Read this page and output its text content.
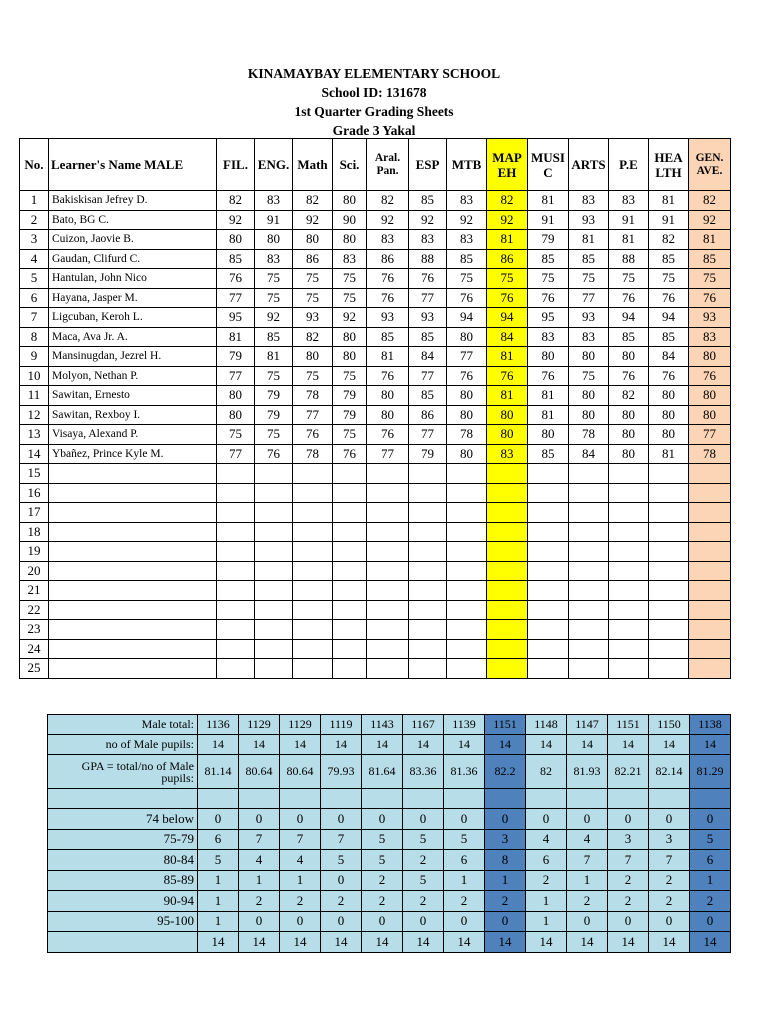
KINAMAYBAY ELEMENTARY SCHOOL
School ID: 131678
1st Quarter Grading Sheets
Grade 3 Yakal
No.	Learner's Name MALE	FIL.	ENG.	Math	Sci.	Aral. Pan.	ESP	MTB	MAP EH	MUSI C	ARTS	P.E	HEA LTH	GEN. AVE.
1	Bakiskisan Jefrey D.	82	83	82	80	82	85	83	82	81	83	83	81	82
2	Bato, BG C.	92	91	92	90	92	92	92	92	91	93	91	91	92
3	Cuizon, Jaovie B.	80	80	80	80	83	83	83	81	79	81	81	82	81
4	Gaudan, Clifurd C.	85	83	86	83	86	88	85	86	85	85	88	85	85
5	Hantulan, John Nico	76	75	75	75	76	76	75	75	75	75	75	75	75
6	Hayana, Jasper M.	77	75	75	75	76	77	76	76	76	77	76	76	76
7	Ligcuban, Keroh L.	95	92	93	92	93	93	94	94	95	93	94	94	93
8	Maca, Ava Jr. A.	81	85	82	80	85	85	80	84	83	83	85	85	83
9	Mansinugdan, Jezrel H.	79	81	80	80	81	84	77	81	80	80	80	84	80
10	Molyon, Nethan P.	77	75	75	75	76	77	76	76	76	75	76	76	76
11	Sawitan, Ernesto	80	79	78	79	80	85	80	81	81	80	82	80	80
12	Sawitan, Rexboy I.	80	79	77	79	80	86	80	80	81	80	80	80	80
13	Visaya, Alexand P.	75	75	76	75	76	77	78	80	80	78	80	80	77
14	Ybañez, Prince Kyle M.	77	76	78	76	77	79	80	83	85	84	80	81	78
15														
16														
17														
18														
19														
20														
21														
22														
23														
24														
25														
Male total:	1136	1129	1129	1119	1143	1167	1139	1151	1148	1147	1151	1150	1138
no of Male pupils:	14	14	14	14	14	14	14	14	14	14	14	14	14
GPA = total/no of Male pupils:	81.14	80.64	80.64	79.93	81.64	83.36	81.36	82.2	82	81.93	82.21	82.14	81.29

74 below	0	0	0	0	0	0	0	0	0	0	0	0	0
75-79	6	7	7	7	5	5	5	3	4	4	3	3	5
80-84	5	4	4	5	5	2	6	8	6	7	7	7	6
85-89	1	1	1	0	2	5	1	1	2	1	2	2	1
90-94	1	2	2	2	2	2	2	2	1	2	2	2	2
95-100	1	0	0	0	0	0	0	0	1	0	0	0	0
	14	14	14	14	14	14	14	14	14	14	14	14	14
